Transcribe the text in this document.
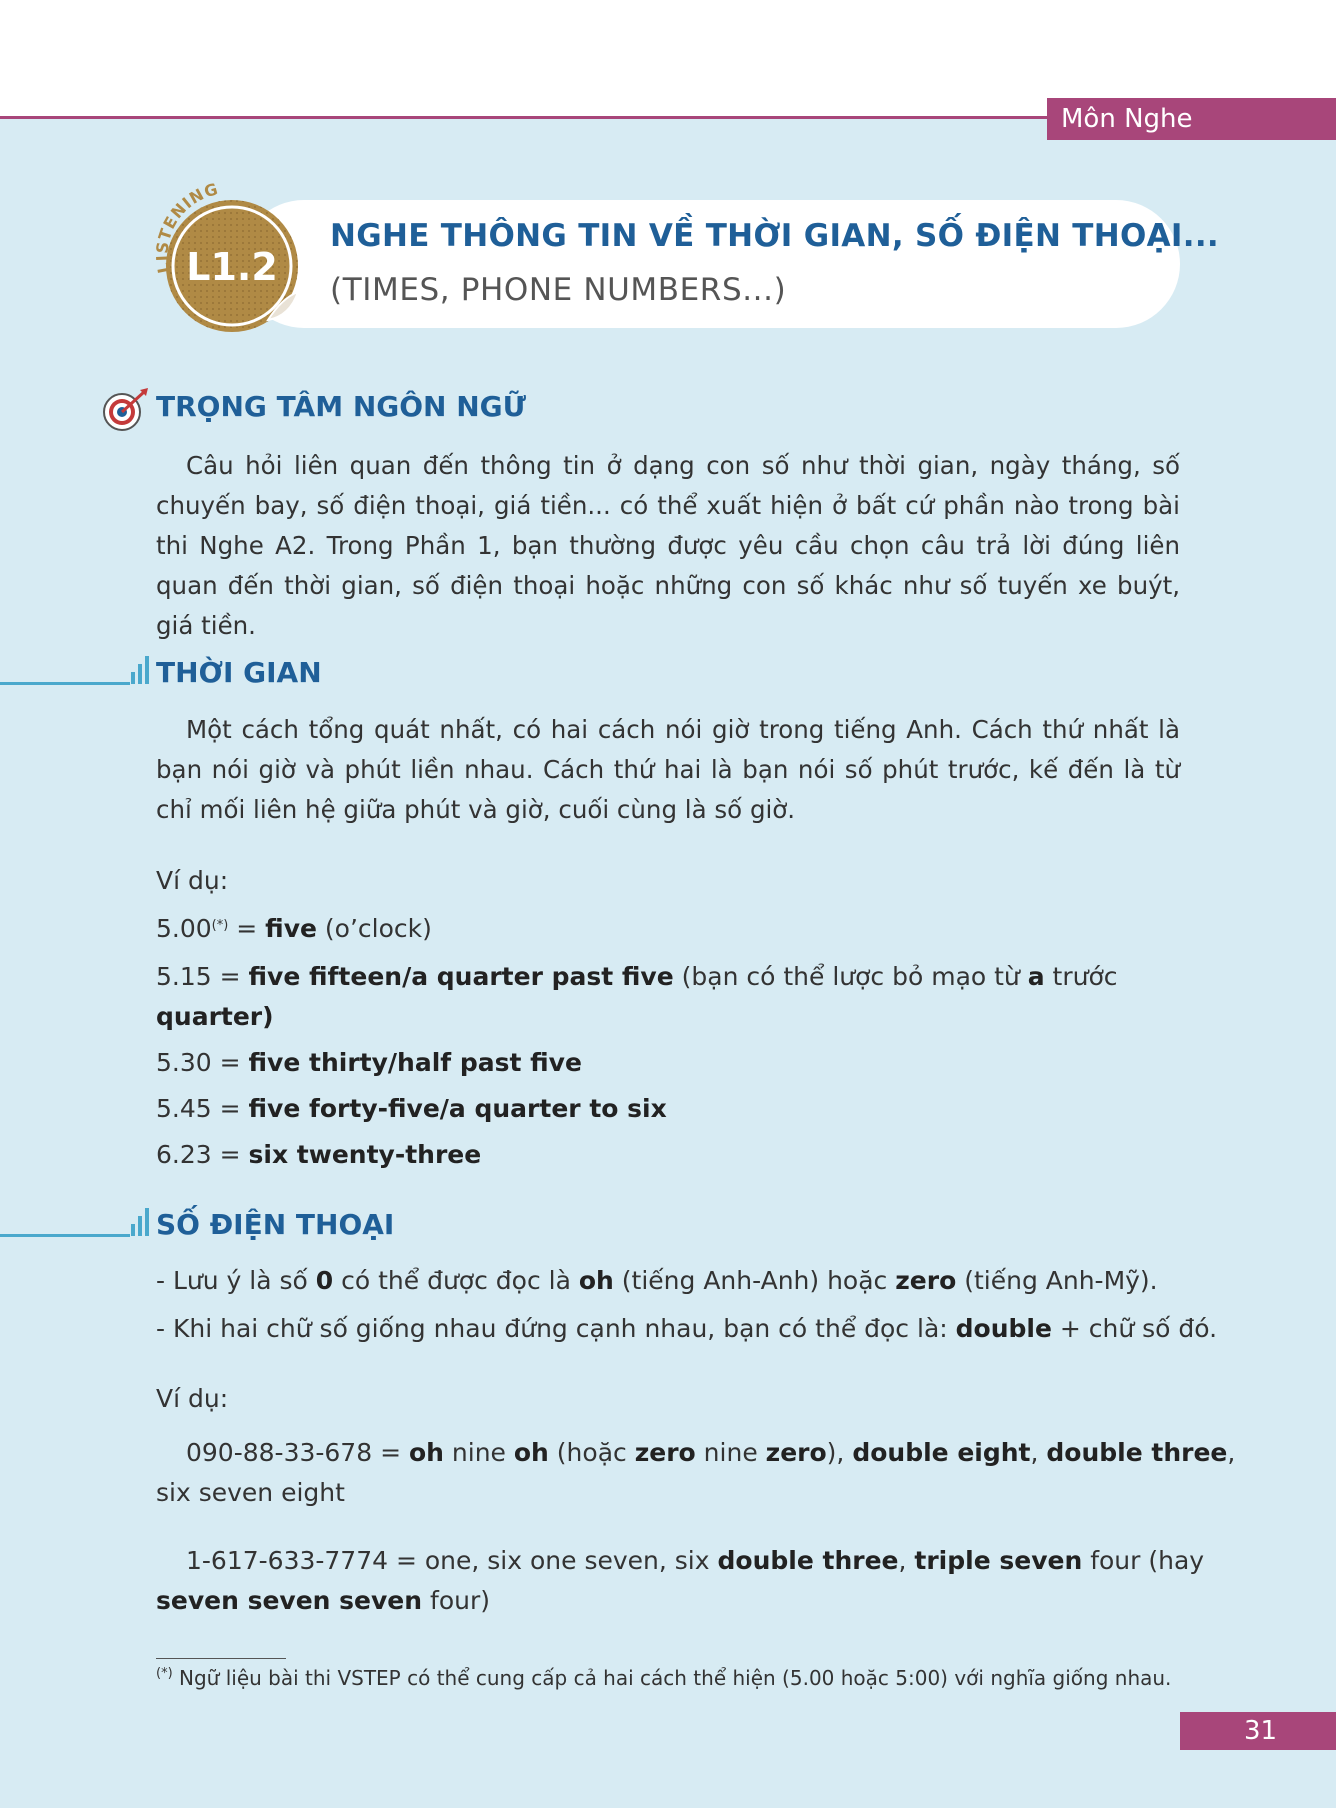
Môn Nghe
LISTENING
L1.2
NGHE THÔNG TIN VỀ THỜI GIAN, SỐ ĐIỆN THOẠI...
(TIMES, PHONE NUMBERS...)
TRỌNG TÂM NGÔN NGỮ

Câu hỏi liên quan đến thông tin ở dạng con số như thời gian, ngày tháng, số chuyến bay, số điện thoại, giá tiền... có thể xuất hiện ở bất cứ phần nào trong bài thi Nghe A2. Trong Phần 1, bạn thường được yêu cầu chọn câu trả lời đúng liên quan đến thời gian, số điện thoại hoặc những con số khác như số tuyến xe buýt, giá tiền.

THỜI GIAN

Một cách tổng quát nhất, có hai cách nói giờ trong tiếng Anh. Cách thứ nhất là bạn nói giờ và phút liền nhau. Cách thứ hai là bạn nói số phút trước, kế đến là từ chỉ mối liên hệ giữa phút và giờ, cuối cùng là số giờ.

Ví dụ:
5.00(*) = five (o’clock)
5.15 = five fifteen/a quarter past five (bạn có thể lược bỏ mạo từ a trước
quarter)
5.30 = five thirty/half past five
5.45 = five forty-five/a quarter to six
6.23 = six twenty-three
SỐ ĐIỆN THOẠI
- Lưu ý là số 0 có thể được đọc là oh (tiếng Anh-Anh) hoặc zero (tiếng Anh-Mỹ).
- Khi hai chữ số giống nhau đứng cạnh nhau, bạn có thể đọc là: double + chữ số đó.
Ví dụ:
090-88-33-678 = oh nine oh (hoặc zero nine zero), double eight, double three,
six seven eight
1-617-633-7774 = one, six one seven, six double three, triple seven four (hay
seven seven seven four)
(*) Ngữ liệu bài thi VSTEP có thể cung cấp cả hai cách thể hiện (5.00 hoặc 5:00) với nghĩa giống nhau.
31
